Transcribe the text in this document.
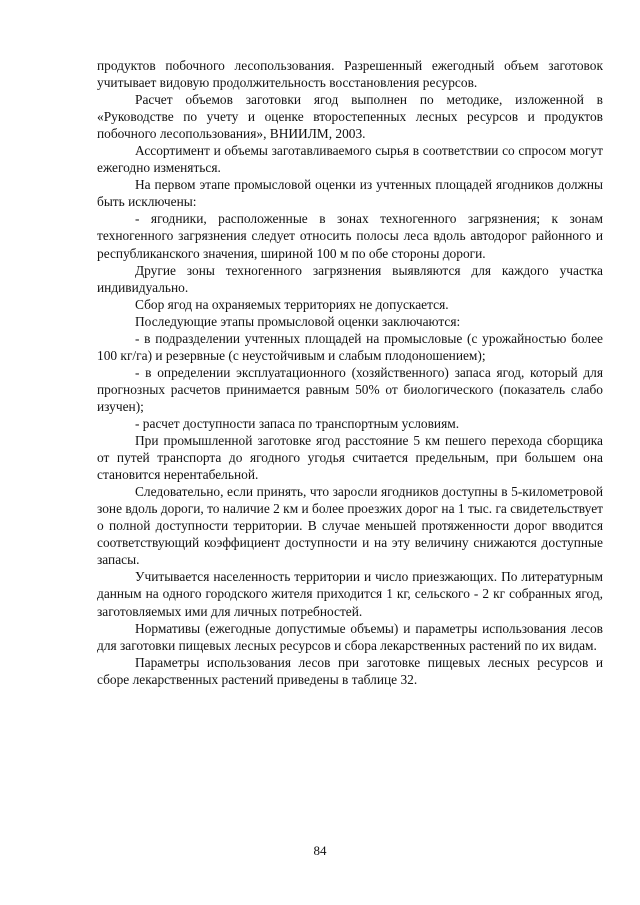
продуктов побочного лесопользования. Разрешенный ежегодный объем заготовок учитывает видовую продолжительность восстановления ресурсов.

Расчет объемов заготовки ягод выполнен по методике, изложенной в «Руководстве по учету и оценке второстепенных лесных ресурсов и продуктов побочного лесопользования», ВНИИЛМ, 2003.

Ассортимент и объемы заготавливаемого сырья в соответствии со спросом могут ежегодно изменяться.

На первом этапе промысловой оценки из учтенных площадей ягодников должны быть исключены:

- ягодники, расположенные в зонах техногенного загрязнения; к зонам техногенного загрязнения следует относить полосы леса вдоль автодорог районного и республиканского значения, шириной 100 м по обе стороны дороги.

Другие зоны техногенного загрязнения выявляются для каждого участка индивидуально.

Сбор ягод на охраняемых территориях не допускается.

Последующие этапы промысловой оценки заключаются:

- в подразделении учтенных площадей на промысловые (с урожайностью более 100 кг/га) и резервные (с неустойчивым и слабым плодоношением);

- в определении эксплуатационного (хозяйственного) запаса ягод, который для прогнозных расчетов принимается равным 50% от биологического (показатель слабо изучен);

- расчет доступности запаса по транспортным условиям.

При промышленной заготовке ягод расстояние 5 км пешего перехода сборщика от путей транспорта до ягодного угодья считается предельным, при большем она становится нерентабельной.

Следовательно, если принять, что заросли ягодников доступны в 5-километровой зоне вдоль дороги, то наличие 2 км и более проезжих дорог на 1 тыс. га свидетельствует о полной доступности территории. В случае меньшей протяженности дорог вводится соответствующий коэффициент доступности и на эту величину снижаются доступные запасы.

Учитывается населенность территории и число приезжающих. По литературным данным на одного городского жителя приходится 1 кг, сельского - 2 кг собранных ягод, заготовляемых ими для личных потребностей.

Нормативы (ежегодные допустимые объемы) и параметры использования лесов для заготовки пищевых лесных ресурсов и сбора лекарственных растений по их видам.

Параметры использования лесов при заготовке пищевых лесных ресурсов и сборе лекарственных растений приведены в таблице 32.

84
